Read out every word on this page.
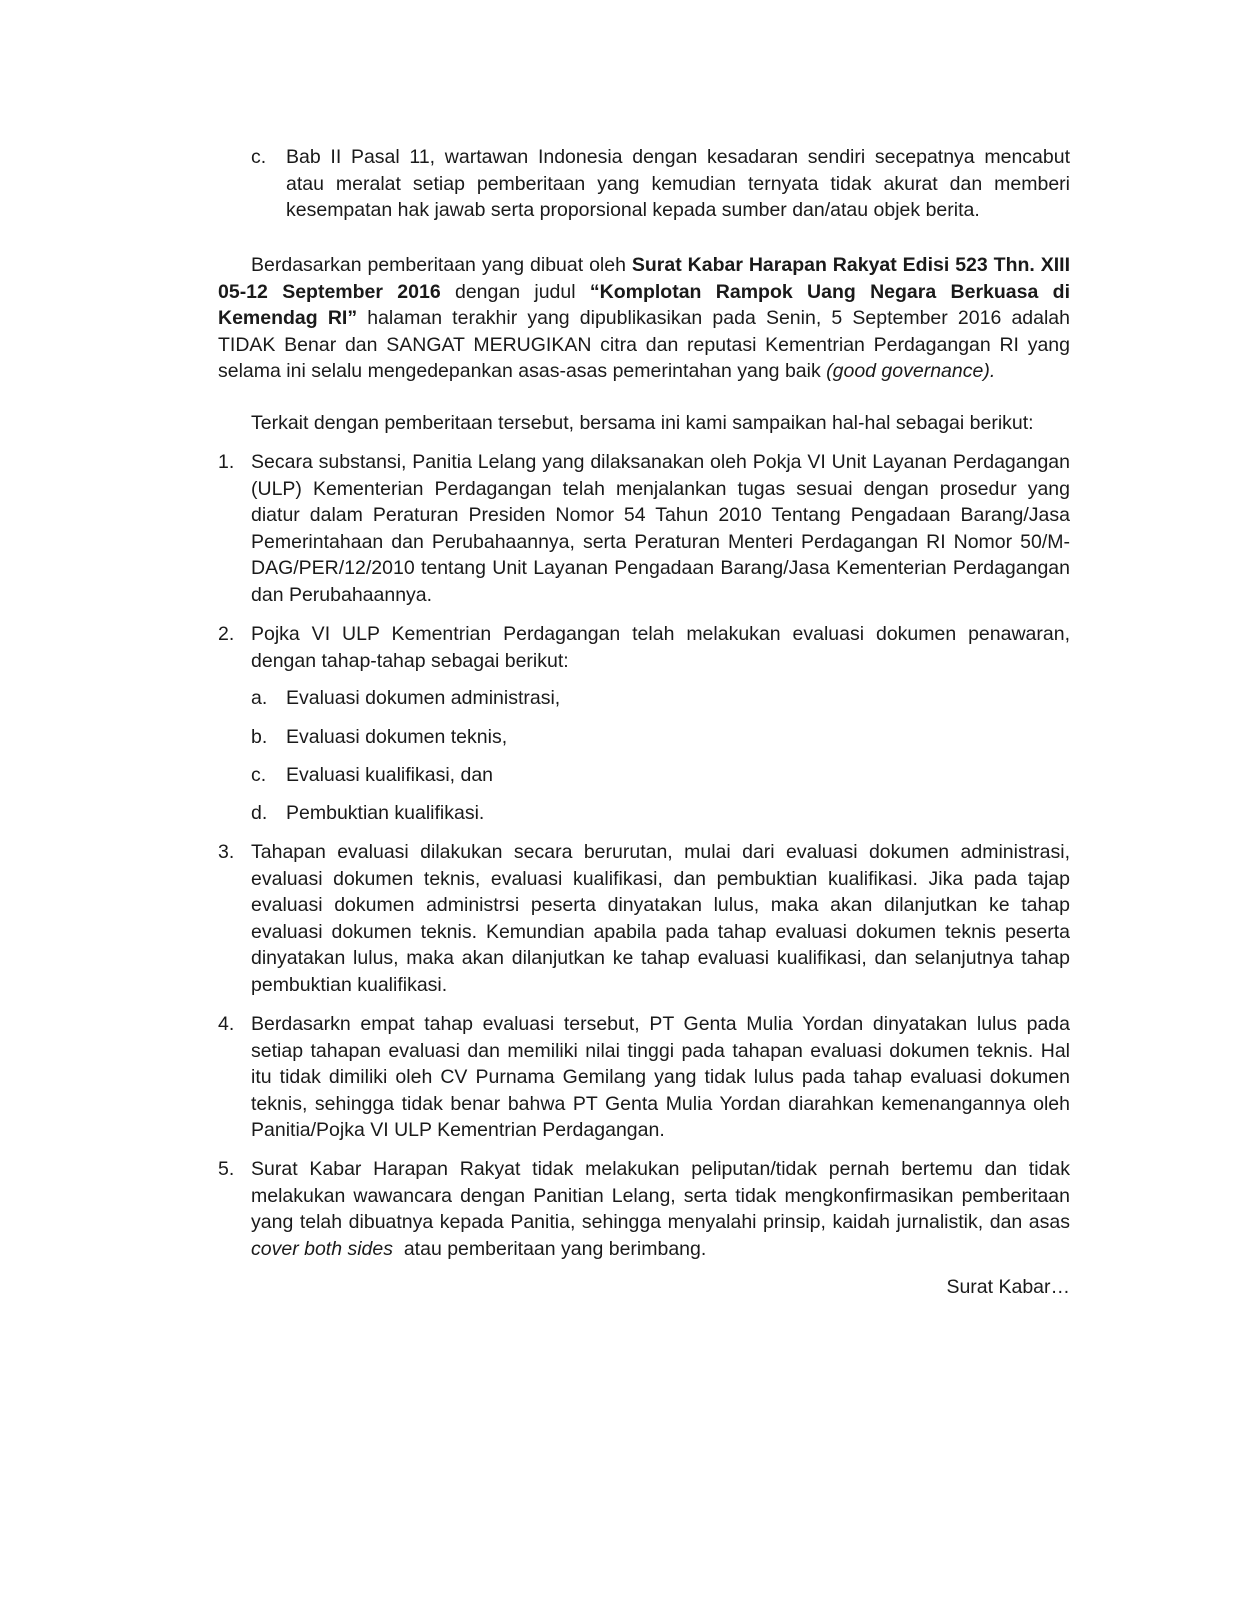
c. Bab II Pasal 11, wartawan Indonesia dengan kesadaran sendiri secepatnya mencabut atau meralat setiap pemberitaan yang kemudian ternyata tidak akurat dan memberi kesempatan hak jawab serta proporsional kepada sumber dan/atau objek berita.
Berdasarkan pemberitaan yang dibuat oleh Surat Kabar Harapan Rakyat Edisi 523 Thn. XIII 05-12 September 2016 dengan judul “Komplotan Rampok Uang Negara Berkuasa di Kemendag RI” halaman terakhir yang dipublikasikan pada Senin, 5 September 2016 adalah TIDAK Benar dan SANGAT MERUGIKAN citra dan reputasi Kementrian Perdagangan RI yang selama ini selalu mengedepankan asas-asas pemerintahan yang baik (good governance).
Terkait dengan pemberitaan tersebut, bersama ini kami sampaikan hal-hal sebagai berikut:
1. Secara substansi, Panitia Lelang yang dilaksanakan oleh Pokja VI Unit Layanan Perdagangan (ULP) Kementerian Perdagangan telah menjalankan tugas sesuai dengan prosedur yang diatur dalam Peraturan Presiden Nomor 54 Tahun 2010 Tentang Pengadaan Barang/Jasa Pemerintahaan dan Perubahaannya, serta Peraturan Menteri Perdagangan RI Nomor 50/M-DAG/PER/12/2010 tentang Unit Layanan Pengadaan Barang/Jasa Kementerian Perdagangan dan Perubahaannya.
2. Pojka VI ULP Kementrian Perdagangan telah melakukan evaluasi dokumen penawaran, dengan tahap-tahap sebagai berikut:
a. Evaluasi dokumen administrasi,
b. Evaluasi dokumen teknis,
c. Evaluasi kualifikasi, dan
d. Pembuktian kualifikasi.
3. Tahapan evaluasi dilakukan secara berurutan, mulai dari evaluasi dokumen administrasi, evaluasi dokumen teknis, evaluasi kualifikasi, dan pembuktian kualifikasi. Jika pada tajap evaluasi dokumen administrsi peserta dinyatakan lulus, maka akan dilanjutkan ke tahap evaluasi dokumen teknis. Kemundian apabila pada tahap evaluasi dokumen teknis peserta dinyatakan lulus, maka akan dilanjutkan ke tahap evaluasi kualifikasi, dan selanjutnya tahap pembuktian kualifikasi.
4. Berdasarkn empat tahap evaluasi tersebut, PT Genta Mulia Yordan dinyatakan lulus pada setiap tahapan evaluasi dan memiliki nilai tinggi pada tahapan evaluasi dokumen teknis. Hal itu tidak dimiliki oleh CV Purnama Gemilang yang tidak lulus pada tahap evaluasi dokumen teknis, sehingga tidak benar bahwa PT Genta Mulia Yordan diarahkan kemenangannya oleh Panitia/Pojka VI ULP Kementrian Perdagangan.
5. Surat Kabar Harapan Rakyat tidak melakukan peliputan/tidak pernah bertemu dan tidak melakukan wawancara dengan Panitian Lelang, serta tidak mengkonfirmasikan pemberitaan yang telah dibuatnya kepada Panitia, sehingga menyalahi prinsip, kaidah jurnalistik, dan asas cover both sides  atau pemberitaan yang berimbang.
Surat Kabar…
